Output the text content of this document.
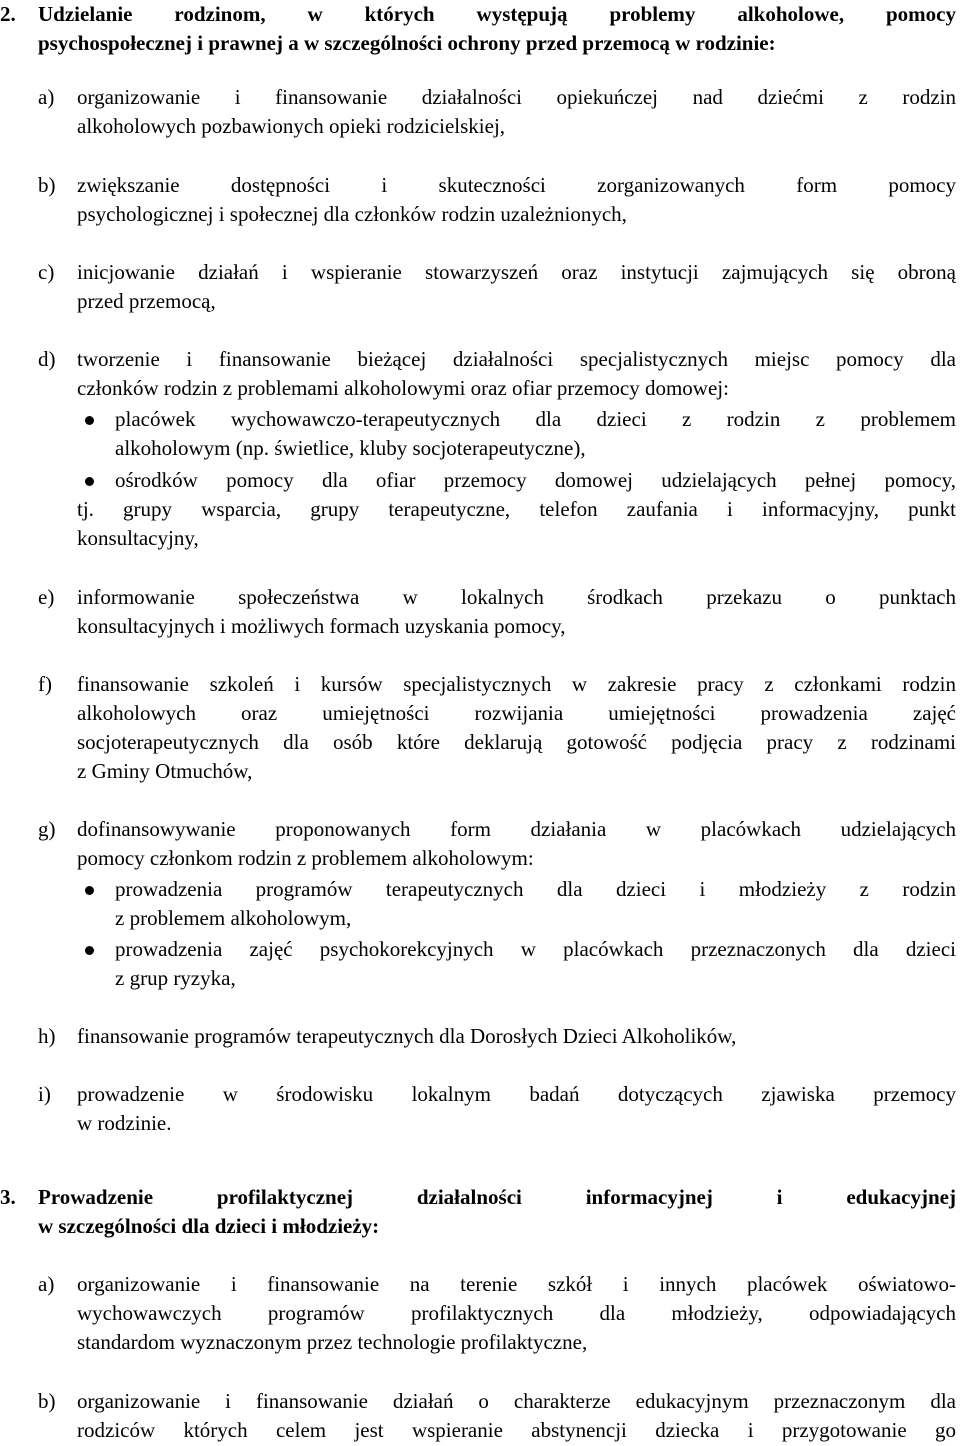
2. Udzielanie rodzinom, w których występują problemy alkoholowe, pomocy
psychospołecznej i prawnej a w szczególności ochrony przed przemocą w rodzinie:
a) organizowanie i finansowanie działalności opiekuńczej nad dziećmi z rodzin
alkoholowych pozbawionych opieki rodzicielskiej,
b) zwiększanie dostępności i skuteczności zorganizowanych form pomocy
psychologicznej i społecznej dla członków rodzin uzależnionych,
c) inicjowanie działań i wspieranie stowarzyszeń oraz instytucji zajmujących się obroną
przed przemocą,
d) tworzenie i finansowanie bieżącej działalności specjalistycznych miejsc pomocy dla
członków rodzin z problemami alkoholowymi oraz ofiar przemocy domowej:
placówek wychowawczo-terapeutycznych dla dzieci z rodzin z problemem
alkoholowym (np. świetlice, kluby socjoterapeutyczne),
ośrodków pomocy dla ofiar przemocy domowej udzielających pełnej pomocy,
tj. grupy wsparcia, grupy terapeutyczne, telefon zaufania i informacyjny, punkt
konsultacyjny,
e) informowanie społeczeństwa w lokalnych środkach przekazu o punktach
konsultacyjnych i możliwych formach uzyskania pomocy,
f) finansowanie szkoleń i kursów specjalistycznych w zakresie pracy z członkami rodzin
alkoholowych oraz umiejętności rozwijania umiejętności prowadzenia zajęć
socjoterapeutycznych dla osób które deklarują gotowość podjęcia pracy z rodzinami
z Gminy Otmuchów,
g) dofinansowywanie proponowanych form działania w placówkach udzielających
pomocy członkom rodzin z problemem alkoholowym:
prowadzenia programów terapeutycznych dla dzieci i młodzieży z rodzin
z problemem alkoholowym,
prowadzenia zajęć psychokorekcyjnych w placówkach przeznaczonych dla dzieci
z grup ryzyka,
h) finansowanie programów terapeutycznych dla Dorosłych Dzieci Alkoholików,
i) prowadzenie w środowisku lokalnym badań dotyczących zjawiska przemocy
w rodzinie.
3. Prowadzenie profilaktycznej działalności informacyjnej i edukacyjnej
w szczególności dla dzieci i młodzieży:
a) organizowanie i finansowanie na terenie szkół i innych placówek oświatowo-
wychowawczych programów profilaktycznych dla młodzieży, odpowiadających
standardom wyznaczonym przez technologie profilaktyczne,
b) organizowanie i finansowanie działań o charakterze edukacyjnym przeznaczonym dla
rodziców których celem jest wspieranie abstynencji dziecka i przygotowanie go
